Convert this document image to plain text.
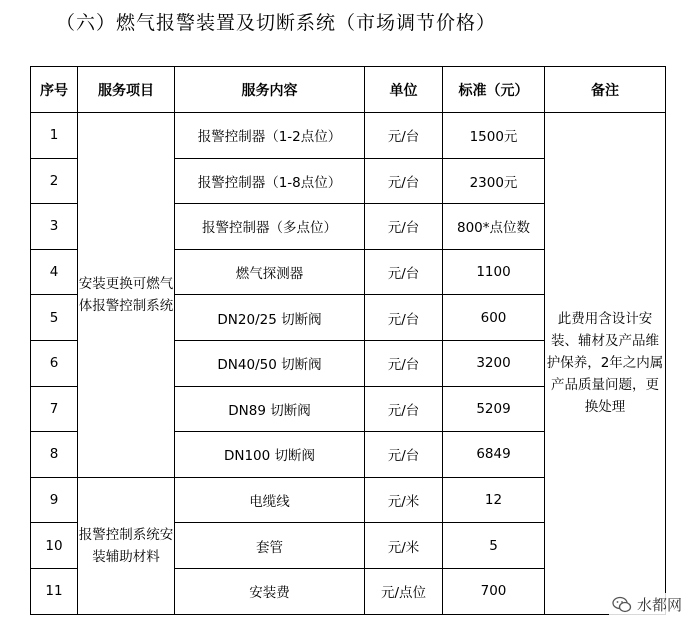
（六）燃气报警装置及切断系统（市场调节价格）
序号	服务项目	服务内容	单位	标准（元）	备注
1	安装更换可燃气体报警控制系统	报警控制器（1-2点位）	元/台	1500元	此费用含设计安装、辅材及产品维护保养，2年之内属产品质量问题，更换处理
2		报警控制器（1-8点位）	元/台	2300元	
3		报警控制器（多点位）	元/台	800*点位数	
4		燃气探测器	元/台	1100	
5		DN20/25 切断阀	元/台	600	
6		DN40/50 切断阀	元/台	3200	
7		DN89 切断阀	元/台	5209	
8		DN100 切断阀	元/台	6849	
9	报警控制系统安装辅助材料	电缆线	元/米	12	
10		套管	元/米	5	
11		安装费	元/点位	700	
水都网
